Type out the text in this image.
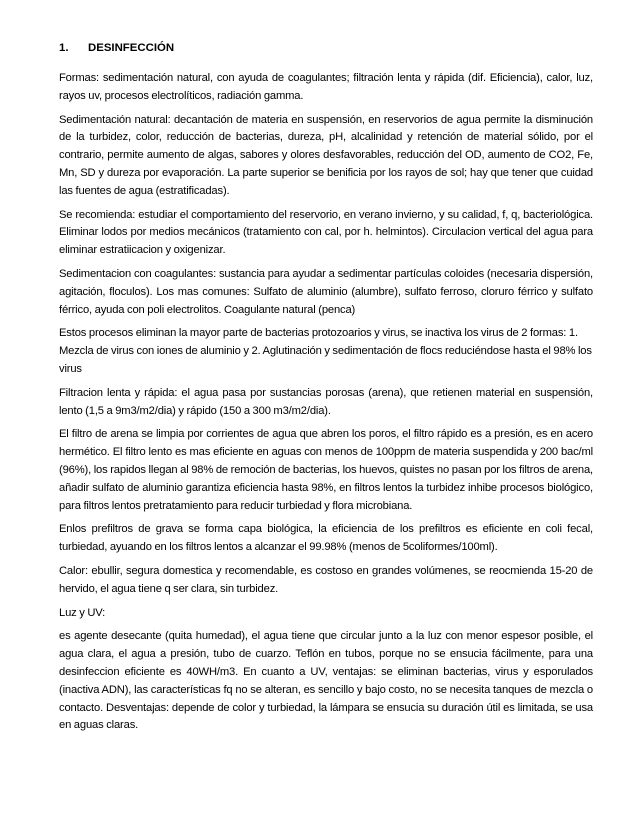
1. DESINFECCIÓN

Formas: sedimentación natural, con ayuda de coagulantes; filtración lenta y rápida (dif. Eficiencia), calor, luz, rayos uv, procesos electrolíticos, radiación gamma.

Sedimentación natural: decantación de materia en suspensión, en reservorios de agua permite la disminución de la turbidez, color, reducción de bacterias, dureza, pH, alcalinidad y retención de material sólido, por el contrario, permite aumento de algas, sabores y olores desfavorables, reducción del OD, aumento de CO2, Fe, Mn, SD y dureza por evaporación. La parte superior se benificia por los rayos de sol; hay que tener que cuidad las fuentes de agua (estratificadas).

Se recomienda: estudiar el comportamiento del reservorio, en verano invierno, y su calidad, f, q, bacteriológica. Eliminar lodos por medios mecánicos (tratamiento con cal, por h. helmintos). Circulacion vertical del agua para eliminar estratiicacion y oxigenizar.

Sedimentacion con coagulantes: sustancia para ayudar a sedimentar partículas coloides (necesaria dispersión, agitación, floculos). Los mas comunes: Sulfato de aluminio (alumbre), sulfato ferroso, cloruro férrico y sulfato férrico, ayuda con poli electrolitos. Coagulante natural (penca)

Estos procesos eliminan la mayor parte de bacterias protozoarios y virus, se inactiva los virus de 2 formas: 1. Mezcla de virus con iones de aluminio y 2. Aglutinación y sedimentación de flocs reduciéndose hasta el 98% los virus

Filtracion lenta y rápida: el agua pasa por sustancias porosas (arena), que retienen material en suspensión, lento (1,5 a 9m3/m2/dia) y rápido (150 a 300 m3/m2/dia).

El filtro de arena se limpia por corrientes de agua que abren los poros, el filtro rápido es a presión, es en acero hermético. El filtro lento es mas eficiente en aguas con menos de 100ppm de materia suspendida y 200 bac/ml (96%), los rapidos llegan al 98% de remoción de bacterias, los huevos, quistes no pasan por los filtros de arena, añadir sulfato de aluminio garantiza eficiencia hasta 98%, en filtros lentos la turbidez inhibe procesos biológico, para filtros lentos pretratamiento para reducir turbiedad y flora microbiana.

Enlos prefiltros de grava se forma capa biológica, la eficiencia de los prefiltros es eficiente en coli fecal, turbiedad, ayuando en los filtros lentos a alcanzar el 99.98% (menos de 5coliformes/100ml).

Calor: ebullir, segura domestica y recomendable, es costoso en grandes volúmenes, se reocmienda 15-20 de hervido, el agua tiene q ser clara, sin turbidez.

Luz y UV:

es agente desecante (quita humedad), el agua tiene que circular junto a la luz con menor espesor posible, el agua clara, el agua a presión, tubo de cuarzo. Teflón en tubos, porque no se ensucia fácilmente, para una desinfeccion eficiente es 40WH/m3. En cuanto a UV, ventajas: se eliminan bacterias, virus y esporulados (inactiva ADN), las características fq no se alteran, es sencillo y bajo costo, no se necesita tanques de mezcla o contacto. Desventajas: depende de color y turbiedad, la lámpara se ensucia su duración útil es limitada, se usa en aguas claras.
